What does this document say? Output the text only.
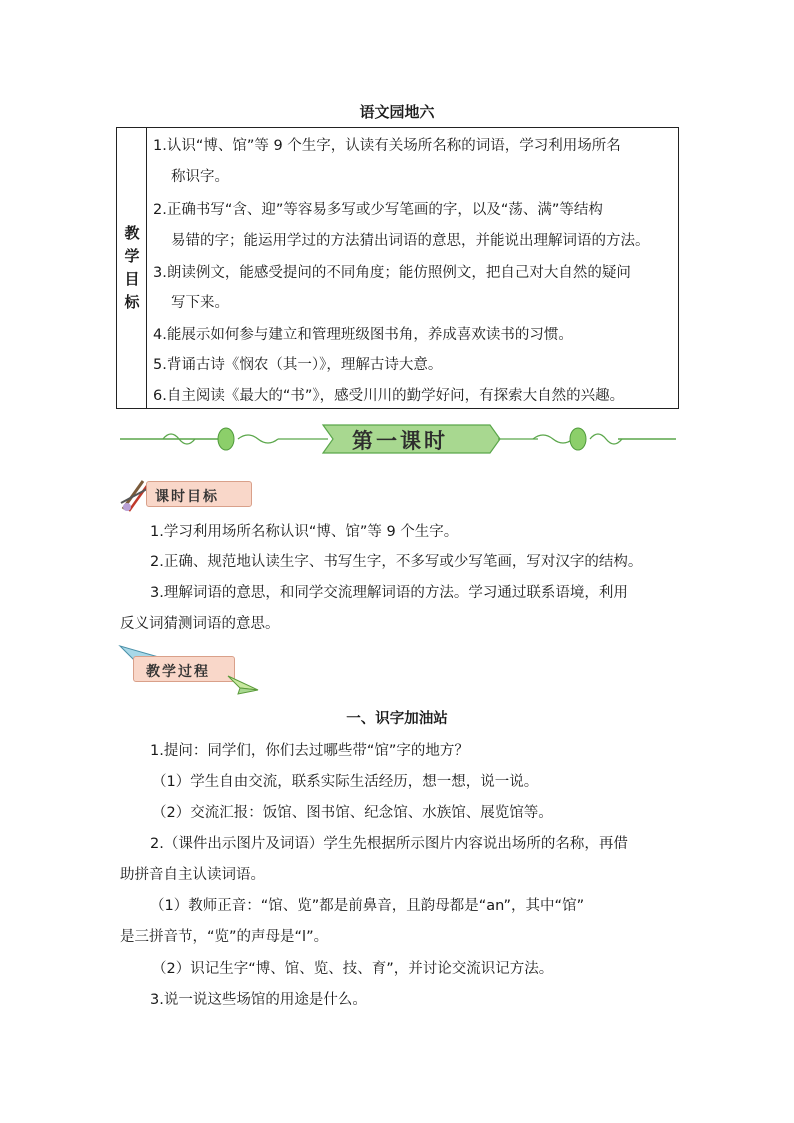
语文园地六
教
学
目
标
1.认识“博、馆”等 9 个生字，认读有关场所名称的词语，学习利用场所名
称识字。
2.正确书写“含、迎”等容易多写或少写笔画的字，以及“荡、满”等结构
易错的字；能运用学过的方法猜出词语的意思，并能说出理解词语的方法。
3.朗读例文，能感受提问的不同角度；能仿照例文，把自己对大自然的疑问
写下来。
4.能展示如何参与建立和管理班级图书角，养成喜欢读书的习惯。
5.背诵古诗《悯农（其一）》，理解古诗大意。
6.自主阅读《最大的“书”》，感受川川的勤学好问，有探索大自然的兴趣。
第一课时
课时目标
1.学习利用场所名称认识“博、馆”等 9 个生字。
2.正确、规范地认读生字、书写生字，不多写或少写笔画，写对汉字的结构。
3.理解词语的意思，和同学交流理解词语的方法。学习通过联系语境，利用
反义词猜测词语的意思。
教学过程
一、识字加油站
1.提问：同学们，你们去过哪些带“馆”字的地方？
（1）学生自由交流，联系实际生活经历，想一想，说一说。
（2）交流汇报：饭馆、图书馆、纪念馆、水族馆、展览馆等。
2.（课件出示图片及词语）学生先根据所示图片内容说出场所的名称，再借
助拼音自主认读词语。
（1）教师正音：“馆、览”都是前鼻音，且韵母都是“an”，其中“馆”
是三拼音节，“览”的声母是“l”。
（2）识记生字“博、馆、览、技、育”，并讨论交流识记方法。
3.说一说这些场馆的用途是什么。
